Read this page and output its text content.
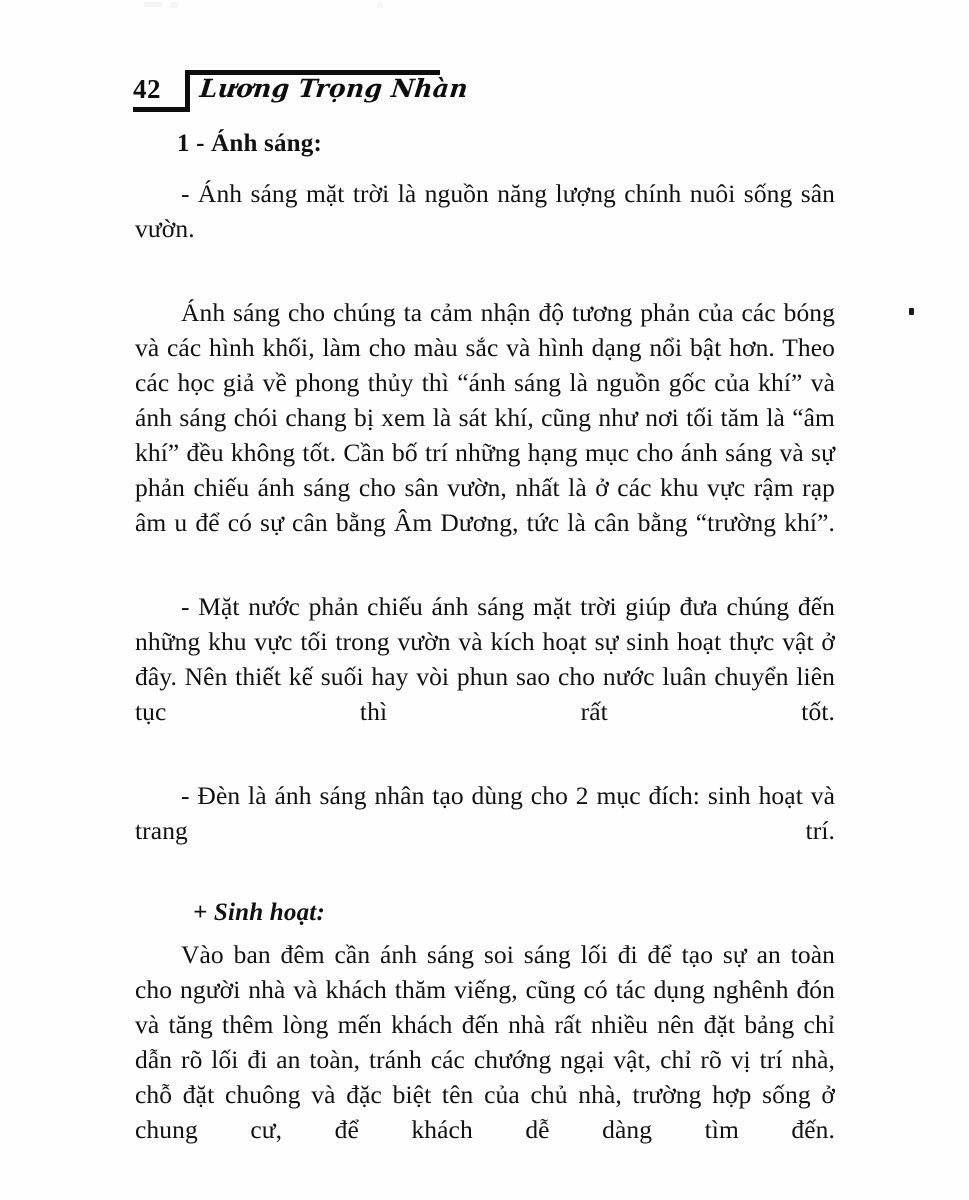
42 Lương Trọng Nhàn
1 - Ánh sáng:

- Ánh sáng mặt trời là nguồn năng lượng chính nuôi sống sân vườn.

Ánh sáng cho chúng ta cảm nhận độ tương phản của các bóng và các hình khối, làm cho màu sắc và hình dạng nổi bật hơn. Theo các học giả về phong thủy thì “ánh sáng là nguồn gốc của khí” và ánh sáng chói chang bị xem là sát khí, cũng như nơi tối tăm là “âm khí” đều không tốt. Cần bố trí những hạng mục cho ánh sáng và sự phản chiếu ánh sáng cho sân vườn, nhất là ở các khu vực rậm rạp âm u để có sự cân bằng Âm Dương, tức là cân bằng “trường khí”.

- Mặt nước phản chiếu ánh sáng mặt trời giúp đưa chúng đến những khu vực tối trong vườn và kích hoạt sự sinh hoạt thực vật ở đây. Nên thiết kế suối hay vòi phun sao cho nước luân chuyển liên tục thì rất tốt.

- Đèn là ánh sáng nhân tạo dùng cho 2 mục đích: sinh hoạt và trang trí.

+ Sinh hoạt:

Vào ban đêm cần ánh sáng soi sáng lối đi để tạo sự an toàn cho người nhà và khách thăm viếng, cũng có tác dụng nghênh đón và tăng thêm lòng mến khách đến nhà rất nhiều nên đặt bảng chỉ dẫn rõ lối đi an toàn, tránh các chướng ngại vật, chỉ rõ vị trí nhà, chỗ đặt chuông và đặc biệt tên của chủ nhà, trường hợp sống ở chung cư, để khách dễ dàng tìm đến.
